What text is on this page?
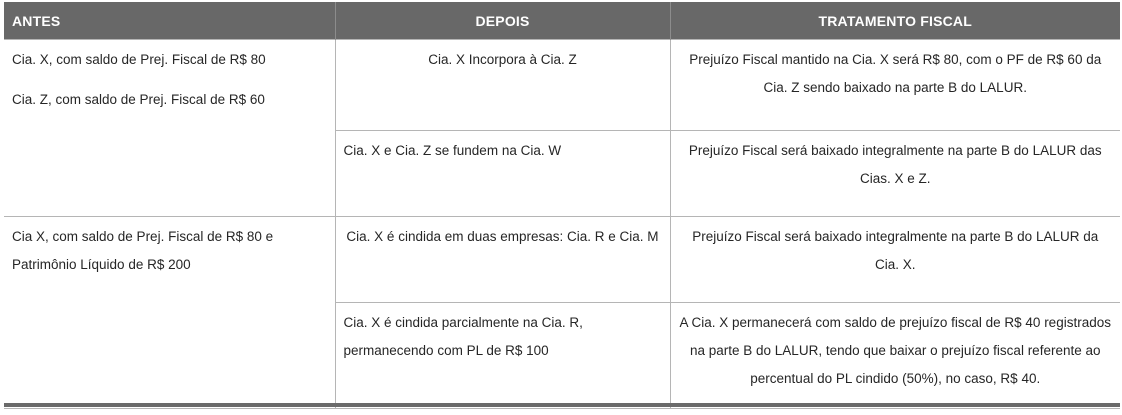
ANTES	DEPOIS	TRATAMENTO FISCAL

Cia. X, com saldo de Prej. Fiscal de R$ 80
Cia. Z, com saldo de Prej. Fiscal de R$ 60	Cia. X Incorpora à Cia. Z	Prejuízo Fiscal mantido na Cia. X será R$ 80, com o PF de R$ 60 da Cia. Z sendo baixado na parte B do LALUR.
	Cia. X e Cia. Z se fundem na Cia. W	Prejuízo Fiscal será baixado integralmente na parte B do LALUR das Cias. X e Z.
Cia X, com saldo de Prej. Fiscal de R$ 80 e Patrimônio Líquido de R$ 200	Cia. X é cindida em duas empresas: Cia. R e Cia. M	Prejuízo Fiscal será baixado integralmente na parte B do LALUR da Cia. X.
	Cia. X é cindida parcialmente na Cia. R, permanecendo com PL de R$ 100	A Cia. X permanecerá com saldo de prejuízo fiscal de R$ 40 registrados na parte B do LALUR, tendo que baixar o prejuízo fiscal referente ao percentual do PL cindido (50%), no caso, R$ 40.
